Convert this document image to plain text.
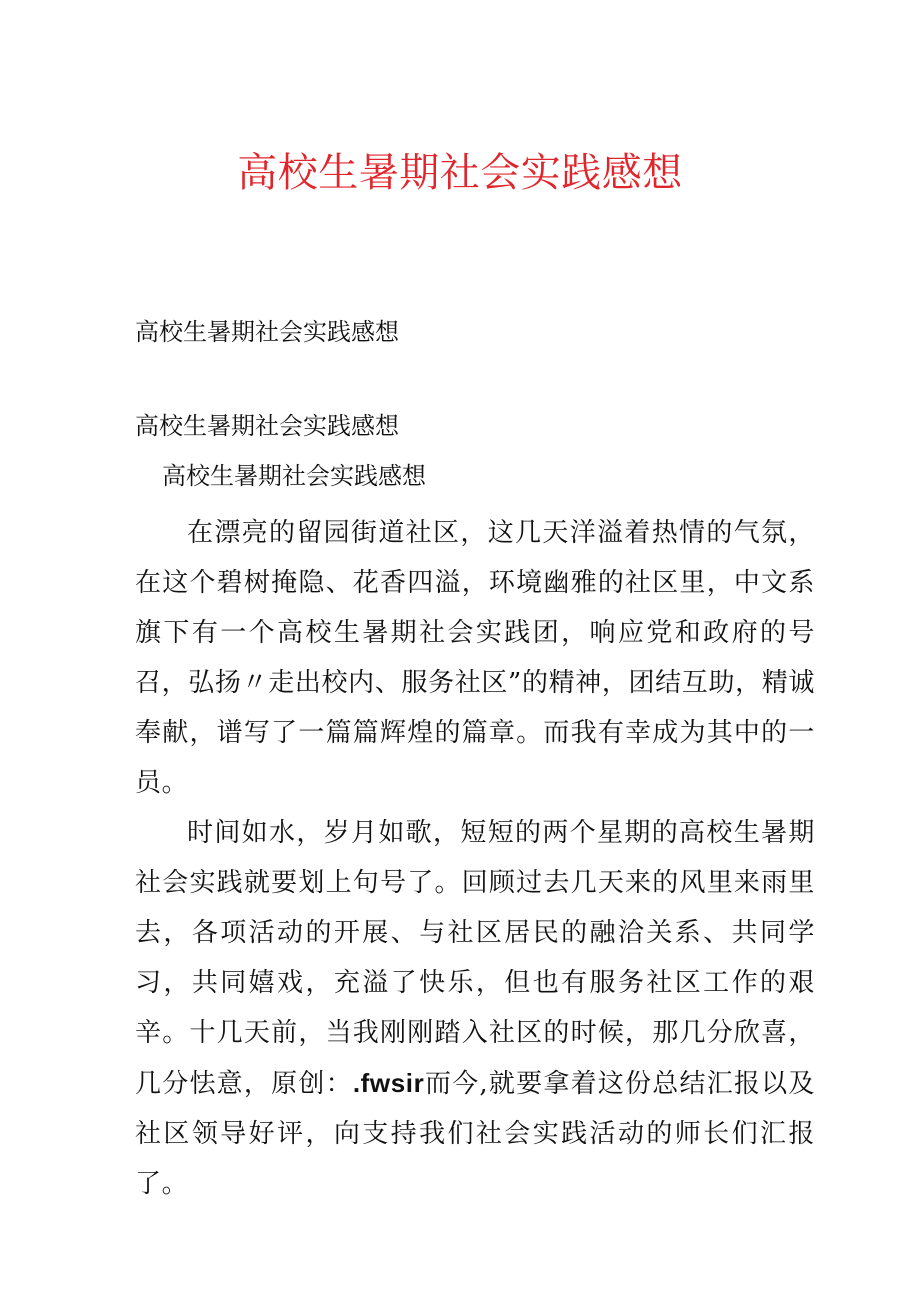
高校生暑期社会实践感想

高校生暑期社会实践感想

高校生暑期社会实践感想

高校生暑期社会实践感想

在漂亮的留园街道社区，这几天洋溢着热情的气氛，在这个碧树掩隐、花香四溢，环境幽雅的社区里，中文系旗下有一个高校生暑期社会实践团，响应党和政府的号召，弘扬〃走出校内、服务社区”的精神，团结互助，精诚奉献，谱写了一篇篇辉煌的篇章。而我有幸成为其中的一员。

时间如水，岁月如歌，短短的两个星期的高校生暑期社会实践就要划上句号了。回顾过去几天来的风里来雨里去，各项活动的开展、与社区居民的融洽关系、共同学习，共同嬉戏，充溢了快乐，但也有服务社区工作的艰辛。十几天前，当我刚刚踏入社区的时候，那几分欣喜，几分怯意，原创：.fwsir而今,就要拿着这份总结汇报以及社区领导好评，向支持我们社会实践活动的师长们汇报了。
